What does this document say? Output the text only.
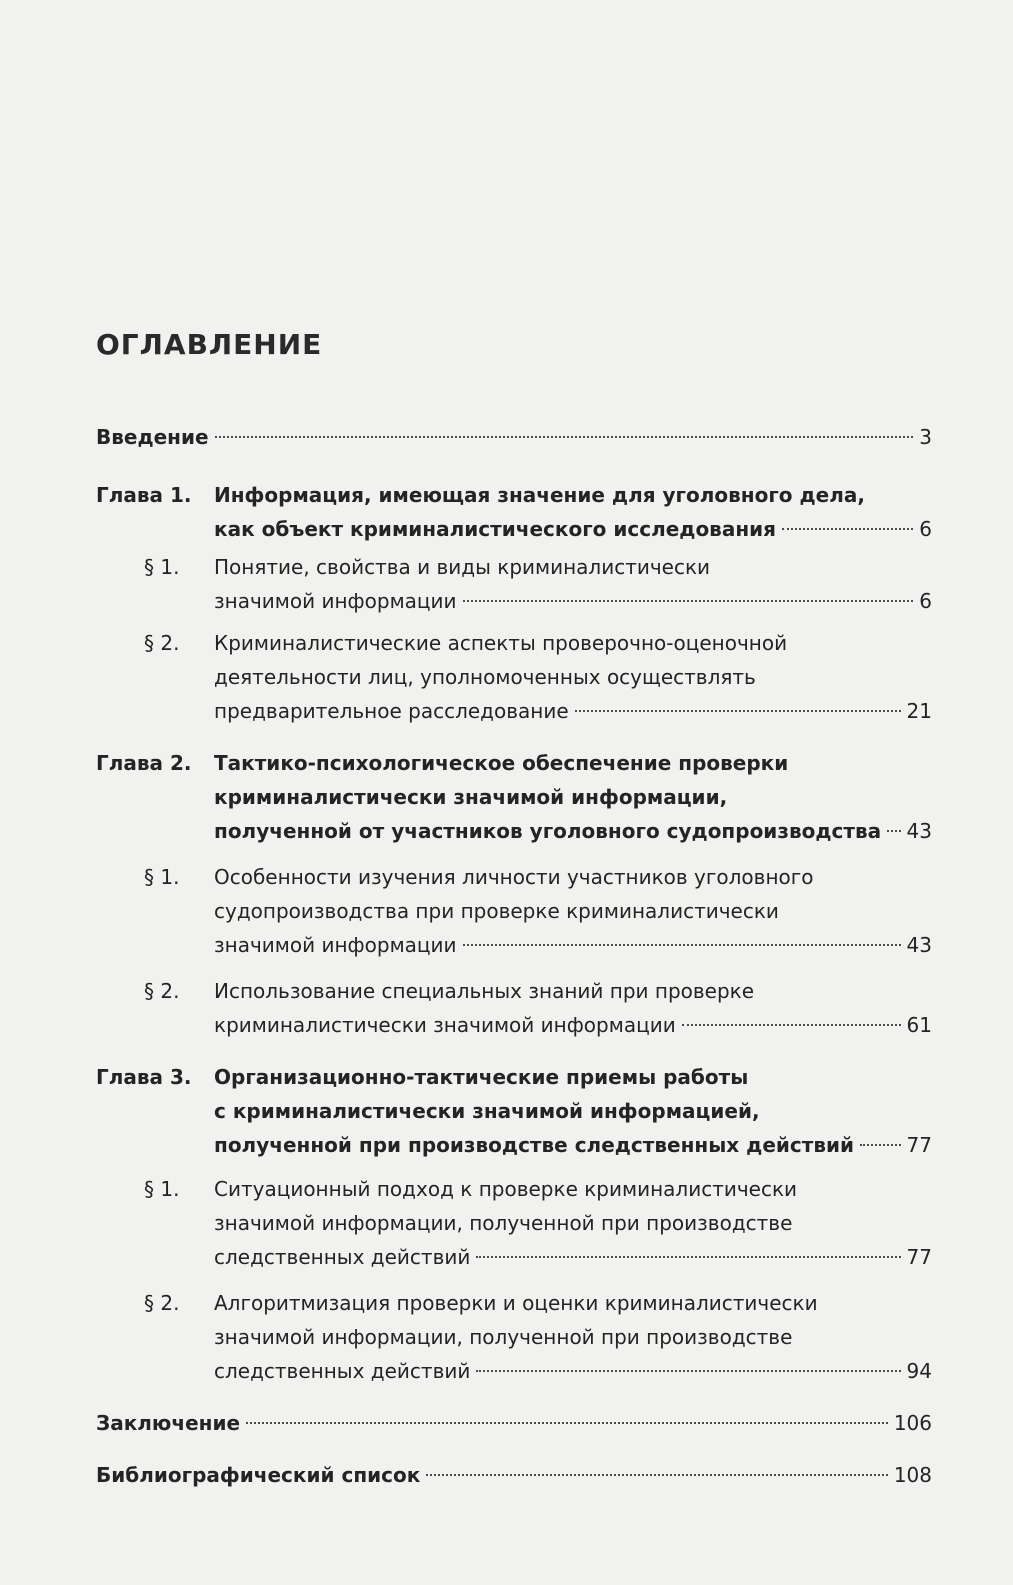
ОГЛАВЛЕНИЕ
Введение	3
Глава 1. Информация, имеющая значение для уголовного дела,
как объект криминалистического исследования	6
§ 1. Понятие, свойства и виды криминалистически
значимой информации	6
§ 2. Криминалистические аспекты проверочно-оценочной
деятельности лиц, уполномоченных осуществлять
предварительное расследование	21
Глава 2. Тактико-психологическое обеспечение проверки
криминалистически значимой информации,
полученной от участников уголовного судопроизводства 43
§ 1. Особенности изучения личности участников уголовного
судопроизводства при проверке криминалистически
значимой информации	43
§ 2. Использование специальных знаний при проверке
криминалистически значимой информации	61
Глава 3. Организационно-тактические приемы работы
с криминалистически значимой информацией,
полученной при производстве следственных действий	77
§ 1. Ситуационный подход к проверке криминалистически
значимой информации, полученной при производстве
следственных действий	77
§ 2. Алгоритмизация проверки и оценки криминалистически
значимой информации, полученной при производстве
следственных действий	94
Заключение	106
Библиографический список	108
